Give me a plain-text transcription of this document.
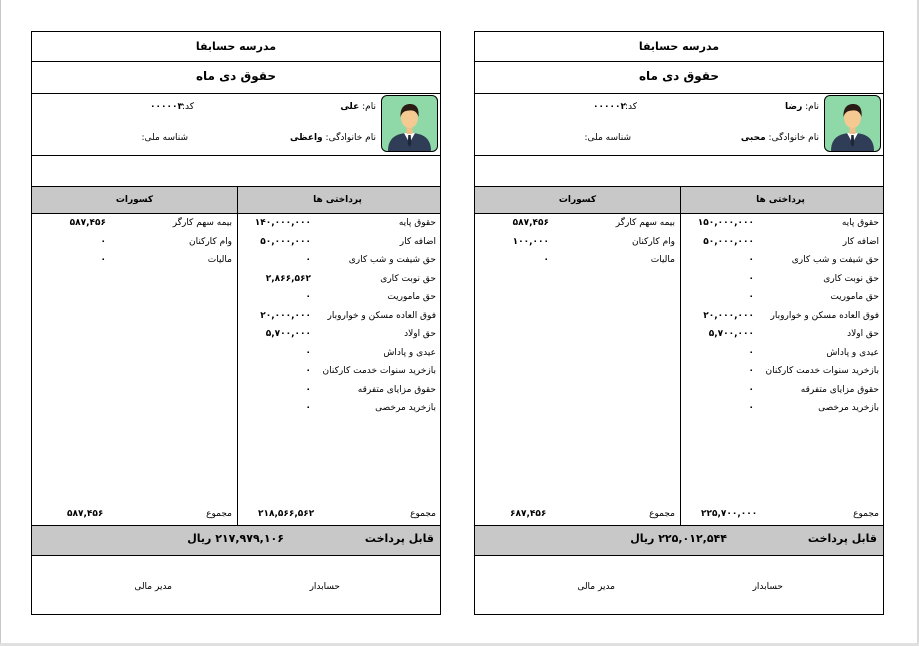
مدرسه حسابفا
حقوق دی ماه
نام: رضا
نام خانوادگی: محبی
کد:
۰۰۰۰۰۲
شناسه ملی:
پرداختی ها
کسورات
حقوق پایه
۱۵۰,۰۰۰,۰۰۰
اضافه کار
۵۰,۰۰۰,۰۰۰
حق شیفت و شب کاری
۰
حق نوبت کاری
۰
حق ماموریت
۰
فوق العاده مسکن و خواروبار
۲۰,۰۰۰,۰۰۰
حق اولاد
۵,۷۰۰,۰۰۰
عیدی و پاداش
۰
بازخرید سنوات خدمت کارکنان
۰
حقوق مزایای متفرقه
۰
بازخرید مرخصی
۰
بیمه سهم کارگر
۵۸۷,۴۵۶
وام کارکنان
۱۰۰,۰۰۰
مالیات
۰
مجموع
۲۲۵,۷۰۰,۰۰۰
مجموع
۶۸۷,۴۵۶
قابل پرداخت
۲۲۵,۰۱۲,۵۴۴ ریال
حسابدار
مدیر مالی
مدرسه حسابفا
حقوق دی ماه
نام: علی
نام خانوادگی: واعظی
کد:
۰۰۰۰۰۳
شناسه ملی:
پرداختی ها
کسورات
حقوق پایه
۱۴۰,۰۰۰,۰۰۰
اضافه کار
۵۰,۰۰۰,۰۰۰
حق شیفت و شب کاری
۰
حق نوبت کاری
۲,۸۶۶,۵۶۲
حق ماموریت
۰
فوق العاده مسکن و خواروبار
۲۰,۰۰۰,۰۰۰
حق اولاد
۵,۷۰۰,۰۰۰
عیدی و پاداش
۰
بازخرید سنوات خدمت کارکنان
۰
حقوق مزایای متفرقه
۰
بازخرید مرخصی
۰
بیمه سهم کارگر
۵۸۷,۴۵۶
وام کارکنان
۰
مالیات
۰
مجموع
۲۱۸,۵۶۶,۵۶۲
مجموع
۵۸۷,۴۵۶
قابل پرداخت
۲۱۷,۹۷۹,۱۰۶ ریال
حسابدار
مدیر مالی
